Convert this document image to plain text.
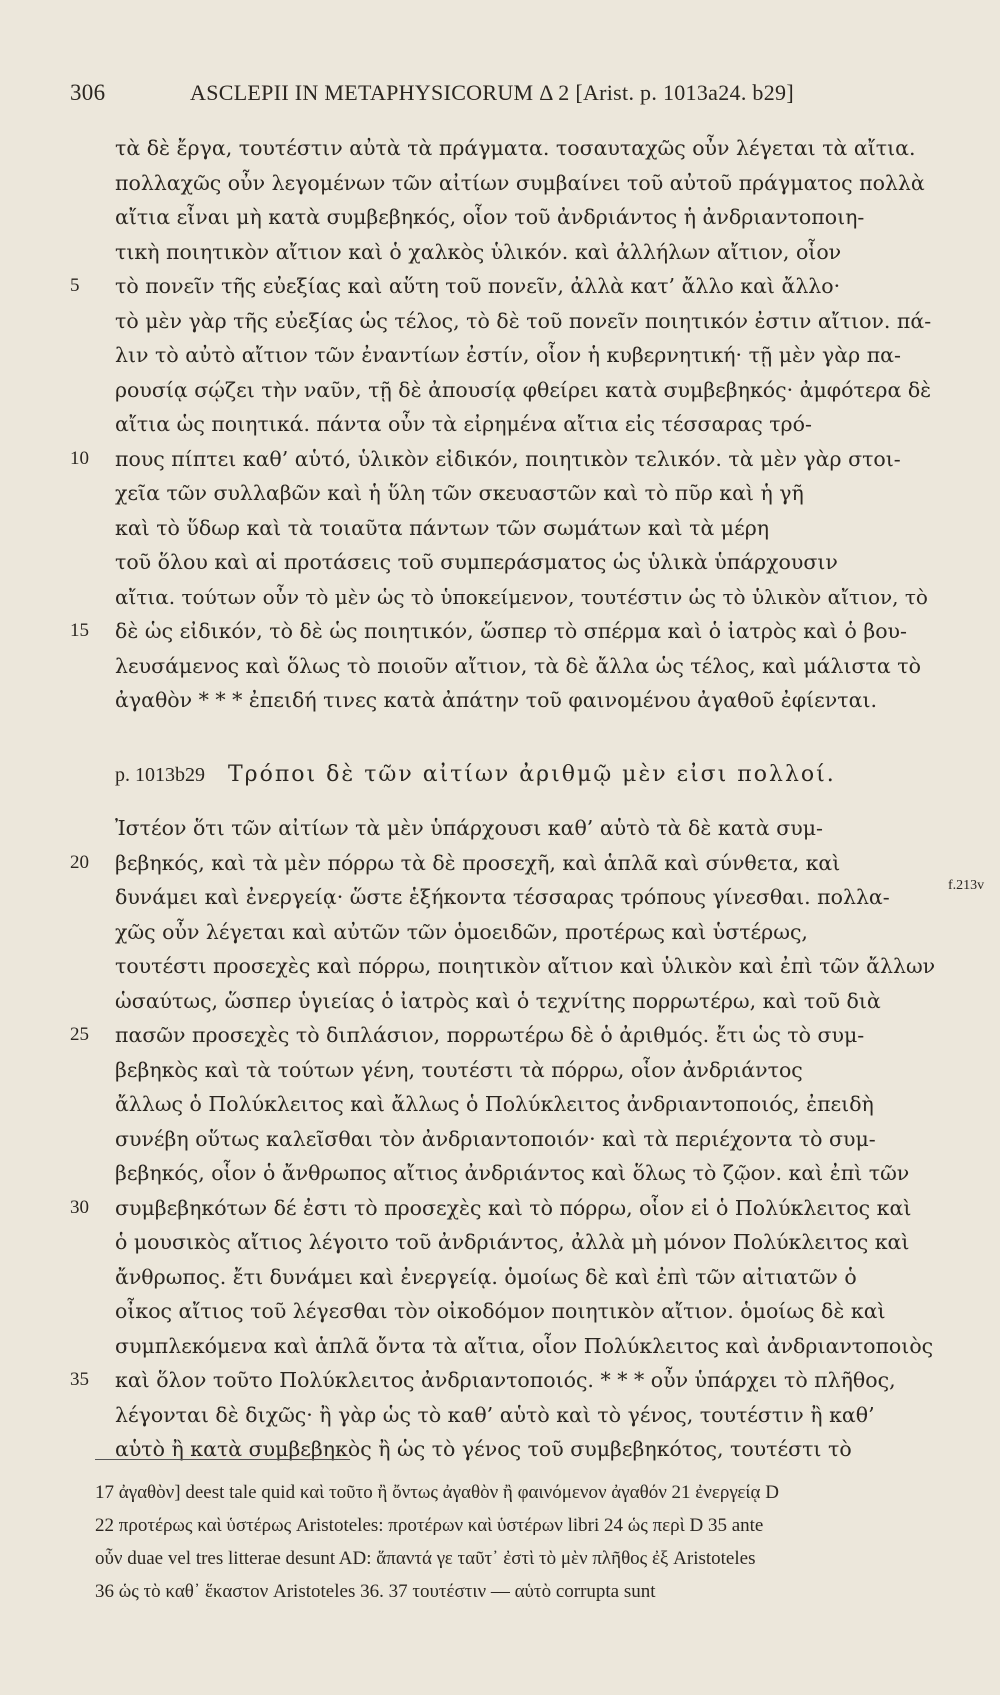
306	ASCLEPII IN METAPHYSICORUM Δ 2 [Arist. p. 1013a24. b29]
τὰ δὲ ἔργα, τουτέστιν αὐτὰ τὰ πράγματα. τοσαυταχῶς οὖν λέγεται τὰ αἴτια.
πολλαχῶς οὖν λεγομένων τῶν αἰτίων συμβαίνει τοῦ αὐτοῦ πράγματος πολλὰ
αἴτια εἶναι μὴ κατὰ συμβεβηκός, οἷον τοῦ ἀνδριάντος ἡ ἀνδριαντοποιη-
τικὴ ποιητικὸν αἴτιον καὶ ὁ χαλκὸς ὑλικόν. καὶ ἀλλήλων αἴτιον, οἷον
5	τὸ πονεῖν τῆς εὐεξίας καὶ αὕτη τοῦ πονεῖν, ἀλλὰ κατ’ ἄλλο καὶ ἄλλο·
τὸ μὲν γὰρ τῆς εὐεξίας ὡς τέλος, τὸ δὲ τοῦ πονεῖν ποιητικόν ἐστιν αἴτιον. πά-
λιν τὸ αὐτὸ αἴτιον τῶν ἐναντίων ἐστίν, οἷον ἡ κυβερνητική· τῇ μὲν γὰρ πα-
ρουσίᾳ σῴζει τὴν ναῦν, τῇ δὲ ἀπουσίᾳ φθείρει κατὰ συμβεβηκός· ἀμφότερα δὲ
αἴτια ὡς ποιητικά. πάντα οὖν τὰ εἰρημένα αἴτια εἰς τέσσαρας τρό-
10	πους πίπτει καθ’ αὑτό, ὑλικὸν εἰδικόν, ποιητικὸν τελικόν. τὰ μὲν γὰρ στοι-
χεῖα τῶν συλλαβῶν καὶ ἡ ὕλη τῶν σκευαστῶν καὶ τὸ πῦρ καὶ ἡ γῆ
καὶ τὸ ὕδωρ καὶ τὰ τοιαῦτα πάντων τῶν σωμάτων καὶ τὰ μέρη
τοῦ ὅλου καὶ αἱ προτάσεις τοῦ συμπεράσματος ὡς ὑλικὰ ὑπάρχουσιν
αἴτια. τούτων οὖν τὸ μὲν ὡς τὸ ὑποκείμενον, τουτέστιν ὡς τὸ ὑλικὸν αἴτιον, τὸ
15	δὲ ὡς εἰδικόν, τὸ δὲ ὡς ποιητικόν, ὥσπερ τὸ σπέρμα καὶ ὁ ἰατρὸς καὶ ὁ βου-
λευσάμενος καὶ ὅλως τὸ ποιοῦν αἴτιον, τὰ δὲ ἄλλα ὡς τέλος, καὶ μάλιστα τὸ
ἀγαθὸν * * * ἐπειδή τινες κατὰ ἀπάτην τοῦ φαινομένου ἀγαθοῦ ἐφίενται.
p. 1013b29 Τρόποι δὲ τῶν αἰτίων ἀριθμῷ μὲν εἰσι πολλοί.
Ἰστέον ὅτι τῶν αἰτίων τὰ μὲν ὑπάρχουσι καθ’ αὑτὸ τὰ δὲ κατὰ συμ-
20	βεβηκός, καὶ τὰ μὲν πόρρω τὰ δὲ προσεχῆ, καὶ ἁπλᾶ καὶ σύνθετα, καὶ
δυνάμει καὶ ἐνεργείᾳ· ὥστε ἑξήκοντα τέσσαρας τρόπους γίνεσθαι. πολλα-
χῶς οὖν λέγεται καὶ αὐτῶν τῶν ὁμοειδῶν, προτέρως καὶ ὑστέρως,
τουτέστι προσεχὲς καὶ πόρρω, ποιητικὸν αἴτιον καὶ ὑλικὸν καὶ ἐπὶ τῶν ἄλλων
ὡσαύτως, ὥσπερ ὑγιείας ὁ ἰατρὸς καὶ ὁ τεχνίτης πορρωτέρω, καὶ τοῦ διὰ
25	πασῶν προσεχὲς τὸ διπλάσιον, πορρωτέρω δὲ ὁ ἀριθμός. ἔτι ὡς τὸ συμ-
βεβηκὸς καὶ τὰ τούτων γένη, τουτέστι τὰ πόρρω, οἷον ἀνδριάντος
ἄλλως ὁ Πολύκλειτος καὶ ἄλλως ὁ Πολύκλειτος ἀνδριαντοποιός, ἐπειδὴ
συνέβη οὕτως καλεῖσθαι τὸν ἀνδριαντοποιόν· καὶ τὰ περιέχοντα τὸ συμ-
βεβηκός, οἷον ὁ ἄνθρωπος αἴτιος ἀνδριάντος καὶ ὅλως τὸ ζῷον. καὶ ἐπὶ τῶν
30	συμβεβηκότων δέ ἐστι τὸ προσεχὲς καὶ τὸ πόρρω, οἷον εἰ ὁ Πολύκλειτος καὶ
ὁ μουσικὸς αἴτιος λέγοιτο τοῦ ἀνδριάντος, ἀλλὰ μὴ μόνον Πολύκλειτος καὶ
ἄνθρωπος. ἔτι δυνάμει καὶ ἐνεργείᾳ. ὁμοίως δὲ καὶ ἐπὶ τῶν αἰτιατῶν ὁ
οἶκος αἴτιος τοῦ λέγεσθαι τὸν οἰκοδόμον ποιητικὸν αἴτιον. ὁμοίως δὲ καὶ
συμπλεκόμενα καὶ ἁπλᾶ ὄντα τὰ αἴτια, οἷον Πολύκλειτος καὶ ἀνδριαντοποιὸς
35	καὶ ὅλον τοῦτο Πολύκλειτος ἀνδριαντοποιός. * * * οὖν ὑπάρχει τὸ πλῆθος,
λέγονται δὲ διχῶς· ἢ γὰρ ὡς τὸ καθ’ αὑτὸ καὶ τὸ γένος, τουτέστιν ἢ καθ’
αὑτὸ ἢ κατὰ συμβεβηκὸς ἢ ὡς τὸ γένος τοῦ συμβεβηκότος, τουτέστι τὸ
f.213v
17 ἀγαθὸν] deest tale quid καὶ τοῦτο ἢ ὄντως ἀγαθὸν ἢ φαινόμενον ἀγαθόν 21 ἐνεργείᾳ D
22 προτέρως καὶ ὑστέρως Aristoteles: προτέρων καὶ ὑστέρων libri 24 ὡς περὶ D 35 ante
οὖν duae vel tres litterae desunt AD: ἅπαντά γε ταῦτ᾽ ἐστὶ τὸ μὲν πλῆθος ἐξ Aristoteles
36 ὡς τὸ καθ᾽ ἕκαστον Aristoteles 36. 37 τουτέστιν — αὑτὸ corrupta sunt
